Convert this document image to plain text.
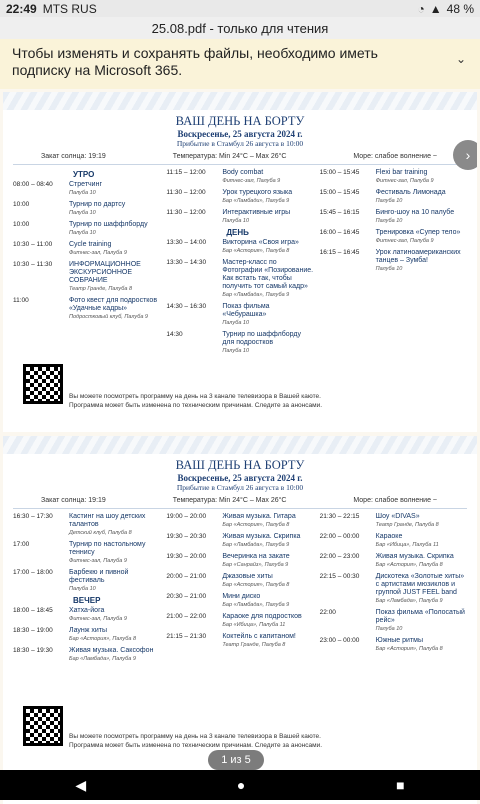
22:49 MTS RUS	◔ ▲ 48 %
25.08.pdf - только для чтения
Чтобы изменять и сохранять файлы, необходимо иметь подписку на Microsoft 365.
⌄
ВАШ ДЕНЬ НА БОРТУ
Воскресенье, 25 августа 2024 г.
Прибытие в Стамбул 26 августа в 10:00
Закат солнца: 19:19	Температура: Min 24°C – Max 26°C	Море: слабое волнение ~
УТРО
08:00 – 08:40	Стретчинг
Палуба 10
10:00	Турнир по дартсу
Палуба 10
10:00	Турнир по шаффлборду
Палуба 10
10:30 – 11:00	Cycle training
Фитнес-зал, Палуба 9
10:30 – 11:30	ИНФОРМАЦИОННОЕ ЭКСКУРСИОННОЕ СОБРАНИЕ
Театр Гранде, Палуба 8
11:00	Фото квест для подростков «Удачные кадры»
Подростковый клуб, Палуба 9
11:15 – 12:00	Body combat
Фитнес-зал, Палуба 9
11:30 – 12:00	Урок турецкого языка
Бар «Ламбади», Палуба 9
11:30 – 12:00	Интерактивные игры
Палуба 10
ДЕНЬ
13:30 – 14:00	Викторина «Своя игра»
Бар «Астория», Палуба 8
13:30 – 14:30	Мастер-класс по Фотографии «Позирование. Как встать так, чтобы получить тот самый кадр»
Бар «Ламбада», Палуба 9
14:30 – 16:30	Показ фильма «Чебурашка»
Палуба 10
14:30	Турнир по шаффлборду для подростков
Палуба 10
15:00 – 15:45	Flexi bar training
Фитнес-зал, Палуба 9
15:00 – 15:45	Фестиваль Лимонада
Палуба 10
15:45 – 16:15	Бинго-шоу на 10 палубе
Палуба 10
16:00 – 16:45	Тренировка «Супер тело»
Фитнес-зал, Палуба 9
16:15 – 16:45	Урок латиноамериканских танцев – Зумба!
Палуба 10
Вы можете посмотреть программу на день на 3 канале телевизора в Вашей каюте.
Программа может быть изменена по техническим причинам. Следите за анонсами.
›
ВАШ ДЕНЬ НА БОРТУ
Воскресенье, 25 августа 2024 г.
Прибытие в Стамбул 26 августа в 10:00
Закат солнца: 19:19	Температура: Min 24°C – Max 26°C	Море: слабое волнение ~
16:30 – 17:30	Кастинг на шоу детских талантов
Детский клуб, Палуба 8
17:00	Турнир по настольному теннису
Фитнес-зал, Палуба 9
17:00 – 18:00	Барбекю и пивной фестиваль
Палуба 10
ВЕЧЕР
18:00 – 18:45	Хатха-йога
Фитнес-зал, Палуба 9
18:30 – 19:00	Лаунж хиты
Бар «Астория», Палуба 8
18:30 – 19:30	Живая музыка. Саксофон
Бар «Ламбада», Палуба 9
19:00 – 20:00	Живая музыка. Гитара
Бар «Астория», Палуба 8
19:30 – 20:30	Живая музыка. Скрипка
Бар «Ламбада», Палуба 9
19:30 – 20:00	Вечеринка на закате
Бар «Санрайз», Палуба 9
20:00 – 21:00	Джазовые хиты
Бар «Астория», Палуба 8
20:30 – 21:00	Мини диско
Бар «Ламбада», Палуба 9
21:00 – 22:00	Караоке для подростков
Бар «Ибица», Палуба 11
21:15 – 21:30	Коктейль с капитаном!
Театр Гранде, Палуба 8
21:30 – 22:15	Шоу «DIVAS»
Театр Гранде, Палуба 8
22:00 – 00:00	Караоке
Бар «Ибица», Палуба 11
22:00 – 23:00	Живая музыка. Скрипка
Бар «Астория», Палуба 8
22:15 – 00:30	Дискотека «Золотые хиты» с артистами мюзиклов и группой JUST FEEL band
Бар «Ламбада», Палуба 9
22:00	Показ фильма «Полосатый рейс»
Палуба 10
23:00 – 00:00	Южные ритмы
Бар «Астория», Палуба 8
Вы можете посмотреть программу на день на 3 канале телевизора в Вашей каюте.
Программа может быть изменена по техническим причинам. Следите за анонсами.
1 из 5
◀	●	■
